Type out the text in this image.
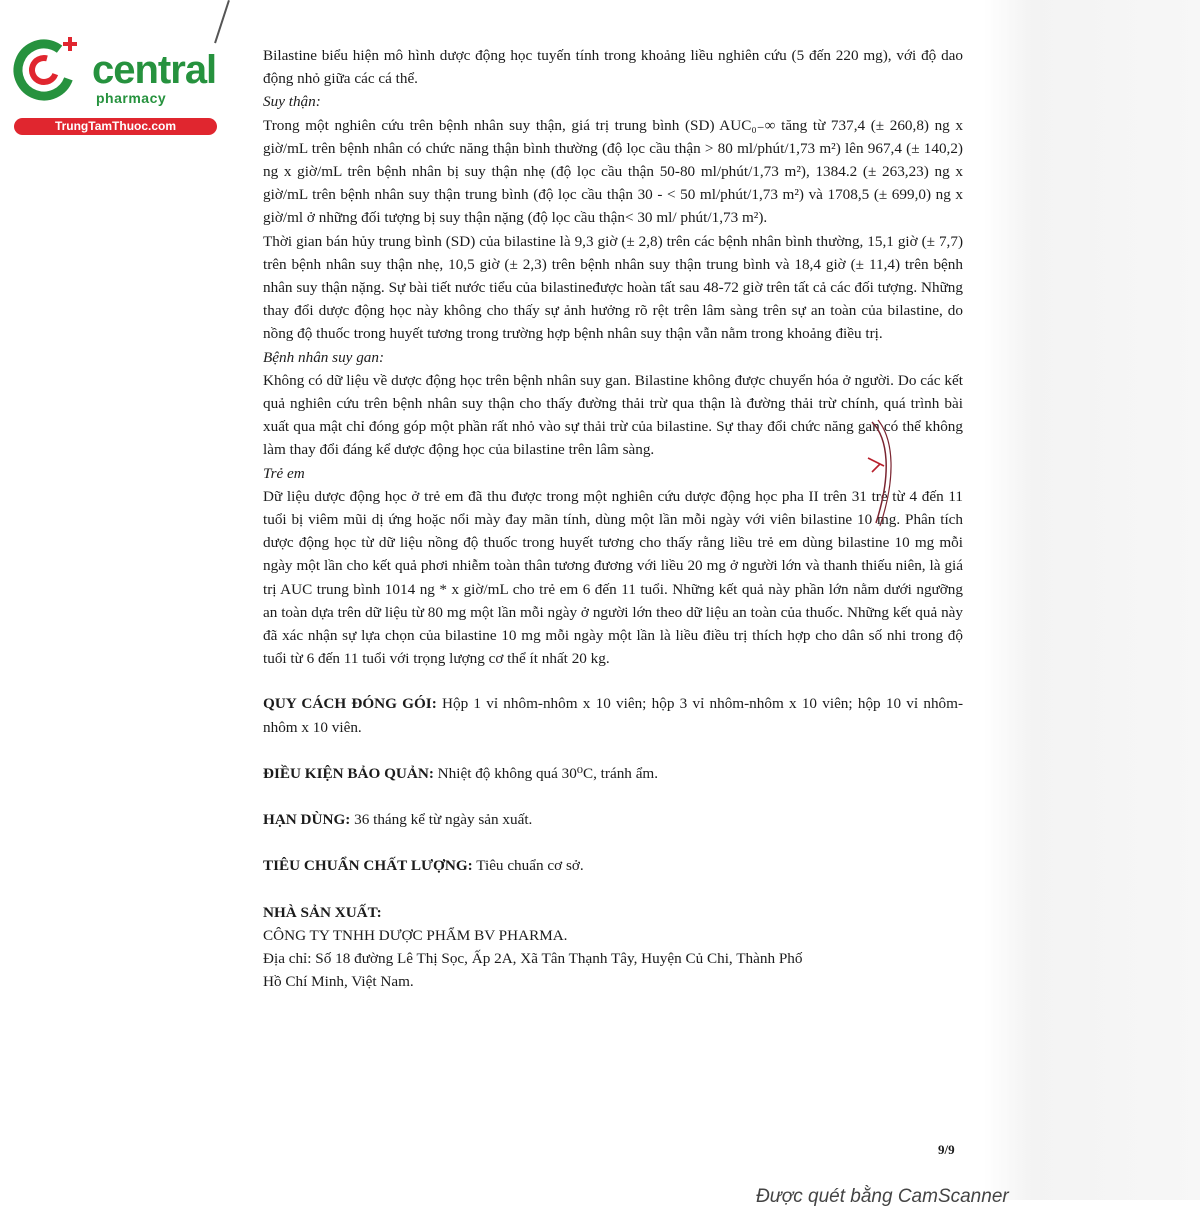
central
pharmacy
TrungTamThuoc.com

Bilastine biểu hiện mô hình dược động học tuyến tính trong khoảng liều nghiên cứu (5 đến 220 mg), với độ dao động nhỏ giữa các cá thể.

Suy thận:

Trong một nghiên cứu trên bệnh nhân suy thận, giá trị trung bình (SD) AUC₀₋∞ tăng từ 737,4 (± 260,8) ng x giờ/mL trên bệnh nhân có chức năng thận bình thường (độ lọc cầu thận > 80 ml/phút/1,73 m²) lên 967,4 (± 140,2) ng x giờ/mL trên bệnh nhân bị suy thận nhẹ (độ lọc cầu thận 50-80 ml/phút/1,73 m²), 1384.2 (± 263,23) ng x giờ/mL trên bệnh nhân suy thận trung bình (độ lọc cầu thận 30 - < 50 ml/phút/1,73 m²) và 1708,5 (± 699,0) ng x giờ/ml ở những đối tượng bị suy thận nặng (độ lọc cầu thận< 30 ml/ phút/1,73 m²).

Thời gian bán hủy trung bình (SD) của bilastine là 9,3 giờ (± 2,8) trên các bệnh nhân bình thường, 15,1 giờ (± 7,7) trên bệnh nhân suy thận nhẹ, 10,5 giờ (± 2,3) trên bệnh nhân suy thận trung bình và 18,4 giờ (± 11,4) trên bệnh nhân suy thận nặng. Sự bài tiết nước tiểu của bilastineđược hoàn tất sau 48-72 giờ trên tất cả các đối tượng. Những thay đổi dược động học này không cho thấy sự ảnh hưởng rõ rệt trên lâm sàng trên sự an toàn của bilastine, do nồng độ thuốc trong huyết tương trong trường hợp bệnh nhân suy thận vẫn nằm trong khoảng điều trị.

Bệnh nhân suy gan:

Không có dữ liệu về dược động học trên bệnh nhân suy gan. Bilastine không được chuyển hóa ở người. Do các kết quả nghiên cứu trên bệnh nhân suy thận cho thấy đường thải trừ qua thận là đường thải trừ chính, quá trình bài xuất qua mật chỉ đóng góp một phần rất nhỏ vào sự thải trừ của bilastine. Sự thay đổi chức năng gan có thể không làm thay đổi đáng kể dược động học của bilastine trên lâm sàng.

Trẻ em

Dữ liệu dược động học ở trẻ em đã thu được trong một nghiên cứu dược động học pha II trên 31 trẻ từ 4 đến 11 tuổi bị viêm mũi dị ứng hoặc nổi mày đay mãn tính, dùng một lần mỗi ngày với viên bilastine 10 mg. Phân tích dược động học từ dữ liệu nồng độ thuốc trong huyết tương cho thấy rằng liều trẻ em dùng bilastine 10 mg mỗi ngày một lần cho kết quả phơi nhiễm toàn thân tương đương với liều 20 mg ở người lớn và thanh thiếu niên, là giá trị AUC trung bình 1014 ng * x giờ/mL cho trẻ em 6 đến 11 tuổi. Những kết quả này phần lớn nằm dưới ngưỡng an toàn dựa trên dữ liệu từ 80 mg một lần mỗi ngày ở người lớn theo dữ liệu an toàn của thuốc. Những kết quả này đã xác nhận sự lựa chọn của bilastine 10 mg mỗi ngày một lần là liều điều trị thích hợp cho dân số nhi trong độ tuổi từ 6 đến 11 tuổi với trọng lượng cơ thể ít nhất 20 kg.

QUY CÁCH ĐÓNG GÓI: Hộp 1 vỉ nhôm-nhôm x 10 viên; hộp 3 vỉ nhôm-nhôm x 10 viên; hộp 10 vỉ nhôm-nhôm x 10 viên.

ĐIỀU KIỆN BẢO QUẢN: Nhiệt độ không quá 30⁰C, tránh ẩm.

HẠN DÙNG: 36 tháng kể từ ngày sản xuất.

TIÊU CHUẨN CHẤT LƯỢNG: Tiêu chuẩn cơ sở.

NHÀ SẢN XUẤT:

CÔNG TY TNHH DƯỢC PHẨM BV PHARMA.

Địa chỉ: Số 18 đường Lê Thị Sọc, Ấp 2A, Xã Tân Thạnh Tây, Huyện Củ Chi, Thành Phố

Hồ Chí Minh, Việt Nam.

9/9
Được quét bằng CamScanner
